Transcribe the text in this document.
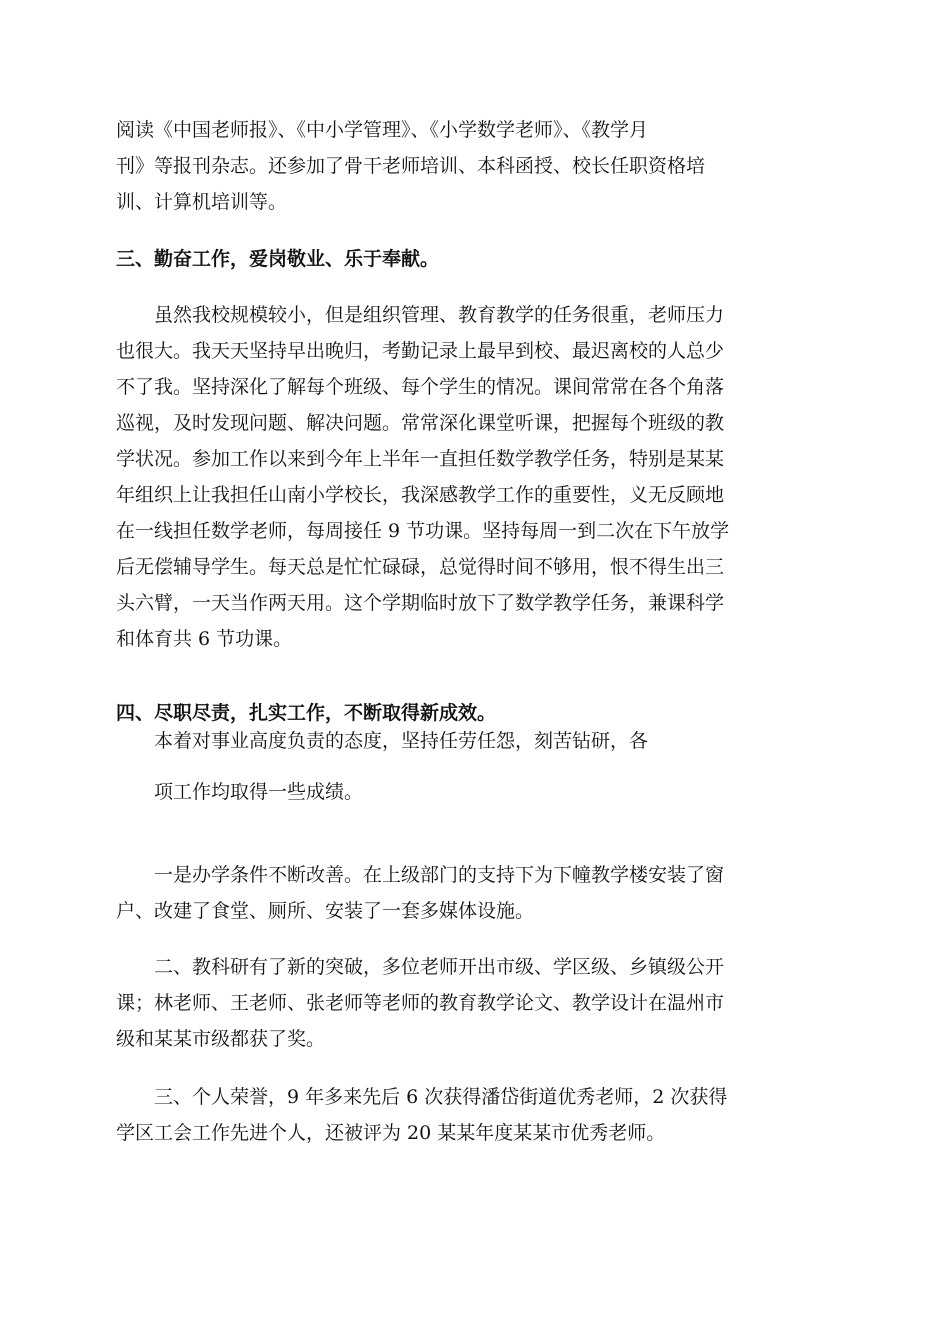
阅读《中国老师报》、《中小学管理》、《小学数学老师》、《教学月
刊》等报刊杂志。还参加了骨干老师培训、本科函授、校长任职资格培
训、计算机培训等。
三、勤奋工作，爱岗敬业、乐于奉献。
　　虽然我校规模较小，但是组织管理、教育教学的任务很重，老师压力
也很大。我天天坚持早出晚归，考勤记录上最早到校、最迟离校的人总少
不了我。坚持深化了解每个班级、每个学生的情况。课间常常在各个角落
巡视，及时发现问题、解决问题。常常深化课堂听课，把握每个班级的教
学状况。参加工作以来到今年上半年一直担任数学教学任务，特别是某某
年组织上让我担任山南小学校长，我深感教学工作的重要性，义无反顾地
在一线担任数学老师，每周接任 9 节功课。坚持每周一到二次在下午放学
后无偿辅导学生。每天总是忙忙碌碌，总觉得时间不够用，恨不得生出三
头六臂，一天当作两天用。这个学期临时放下了数学教学任务，兼课科学
和体育共 6 节功课。
四、尽职尽责，扎实工作，不断取得新成效。
　　本着对事业高度负责的态度，坚持任劳任怨，刻苦钻研，各
　　项工作均取得一些成绩。
　　一是办学条件不断改善。在上级部门的支持下为下幢教学楼安装了窗
户、改建了食堂、厕所、安装了一套多媒体设施。
　　二、教科研有了新的突破，多位老师开出市级、学区级、乡镇级公开
课；林老师、王老师、张老师等老师的教育教学论文、教学设计在温州市
级和某某市级都获了奖。
　　三、个人荣誉，9 年多来先后 6 次获得潘岱街道优秀老师，2 次获得
学区工会工作先进个人，还被评为 20 某某年度某某市优秀老师。
